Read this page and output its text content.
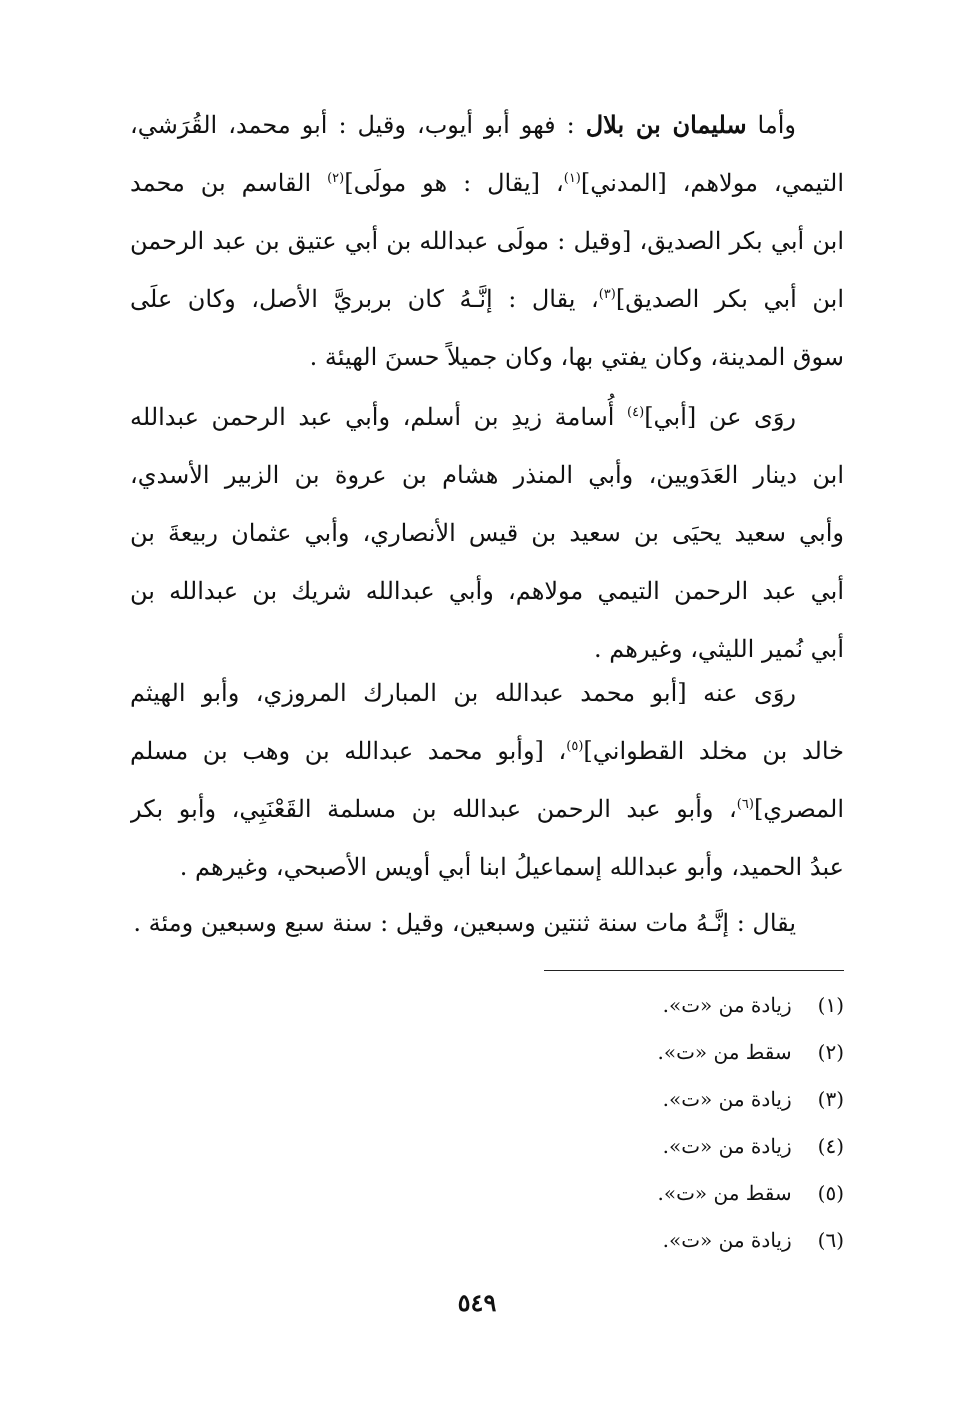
وأما سليمان بن بلال : فهو أبو أيوب، وقيل : أبو محمد، القُرَشي،
التيمي، مولاهم، [المدني]$^{(١)}$، [يقال : هو مولَى]$^{(٢)}$ القاسم بن محمد
ابن أبي بكر الصديق، [وقيل : مولَى عبدالله بن أبي عتيق بن عبد الرحمن
ابن أبي بكر الصديق]$^{(٣)}$، يقال : إنَّـهُ كان بربريَّ الأصل، وكان علَى
سوق المدينة، وكان يفتي بها، وكان جميلاً حسنَ الهيئة .
روَى عن [أبي]$^{(٤)}$ أُسامة زيدِ بن أسلم، وأبي عبد الرحمن عبدالله
ابن دينار العَدَويين، وأبي المنذر هشام بن عروة بن الزبير الأسدي،
وأبي سعيد يحيَى بن سعيد بن قيس الأنصاري، وأبي عثمان ربيعةَ بن
أبي عبد الرحمن التيمي مولاهم، وأبي عبدالله شريك بن عبدالله بن
أبي نُمير الليثي، وغيرهم .
روَى عنه [أبو محمد عبدالله بن المبارك المروزي، وأبو الهيثم
خالد بن مخلد القطواني]$^{(٥)}$، [وأبو محمد عبدالله بن وهب بن مسلم
المصري]$^{(٦)}$، وأبو عبد الرحمن عبدالله بن مسلمة القَعْنَبِي، وأبو بكر
عبدُ الحميد، وأبو عبدالله إسماعيلُ ابنا أبي أويس الأصبحي، وغيرهم .
يقال : إنَّـهُ مات سنة ثنتين وسبعين، وقيل : سنة سبع وسبعين ومئة .
(١) زيادة من «ت».
(٢) سقط من «ت».
(٣) زيادة من «ت».
(٤) زيادة من «ت».
(٥) سقط من «ت».
(٦) زيادة من «ت».
٥٤٩
